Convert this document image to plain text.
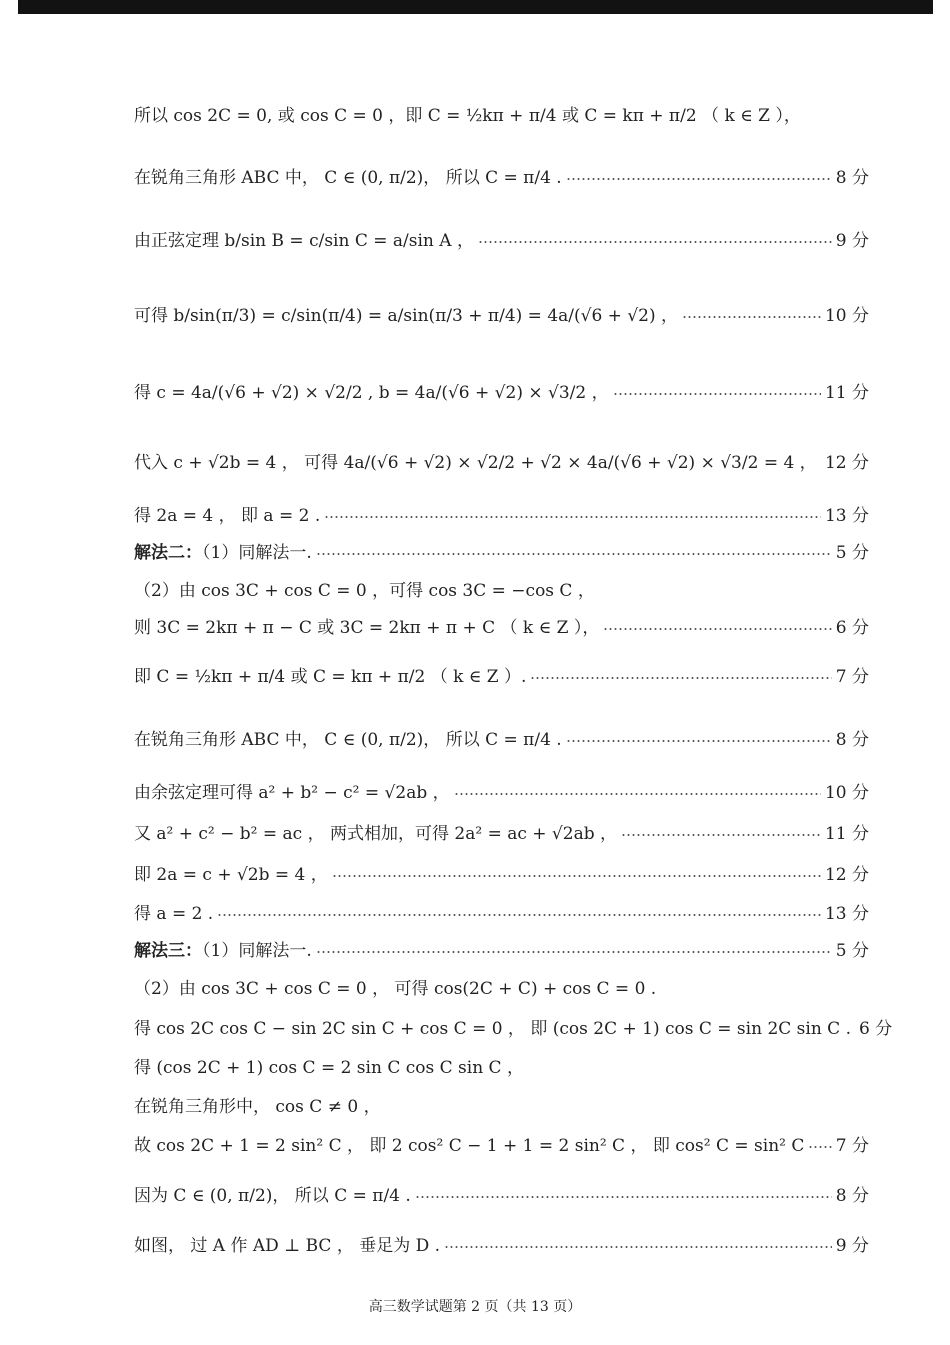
所以 cos 2C = 0, 或 cos C = 0 ，即 C = ½kπ + π/4 或 C = kπ + π/2 （ k ∈ Z ），
在锐角三角形 ABC 中， C ∈ (0, π/2)， 所以 C = π/4 .	8 分
由正弦定理 b/sin B = c/sin C = a/sin A ，	9 分
可得 b/sin(π/3) = c/sin(π/4) = a/sin(π/3 + π/4) = 4a/(√6 + √2) ，	10 分
得 c = 4a/(√6 + √2) × √2/2 , b = 4a/(√6 + √2) × √3/2 ，	11 分
代入 c + √2b = 4 ， 可得 4a/(√6 + √2) × √2/2 + √2 × 4a/(√6 + √2) × √3/2 = 4 ， 12 分
得 2a = 4 ， 即 a = 2 .	13 分
解法二：（1）同解法一.	5 分
（2）由 cos 3C + cos C = 0 ，可得 cos 3C = −cos C ，
则 3C = 2kπ + π − C 或 3C = 2kπ + π + C （ k ∈ Z ），	6 分
即 C = ½kπ + π/4 或 C = kπ + π/2 （ k ∈ Z ）.	7 分
在锐角三角形 ABC 中， C ∈ (0, π/2)， 所以 C = π/4 .	8 分
由余弦定理可得 a² + b² − c² = √2ab ，	10 分
又 a² + c² − b² = ac ， 两式相加，可得 2a² = ac + √2ab ，	11 分
即 2a = c + √2b = 4 ，	12 分
得 a = 2 .	13 分
解法三：（1）同解法一.	5 分
（2）由 cos 3C + cos C = 0 ， 可得 cos(2C + C) + cos C = 0 .
得 cos 2C cos C − sin 2C sin C + cos C = 0 ， 即 (cos 2C + 1) cos C = sin 2C sin C . 6 分
得 (cos 2C + 1) cos C = 2 sin C cos C sin C ，
在锐角三角形中， cos C ≠ 0 ，
故 cos 2C + 1 = 2 sin² C ， 即 2 cos² C − 1 + 1 = 2 sin² C ， 即 cos² C = sin² C 7 分
因为 C ∈ (0, π/2)， 所以 C = π/4 .	8 分
如图， 过 A 作 AD ⊥ BC ， 垂足为 D .	9 分
高三数学试题第 2 页（共 13 页）
